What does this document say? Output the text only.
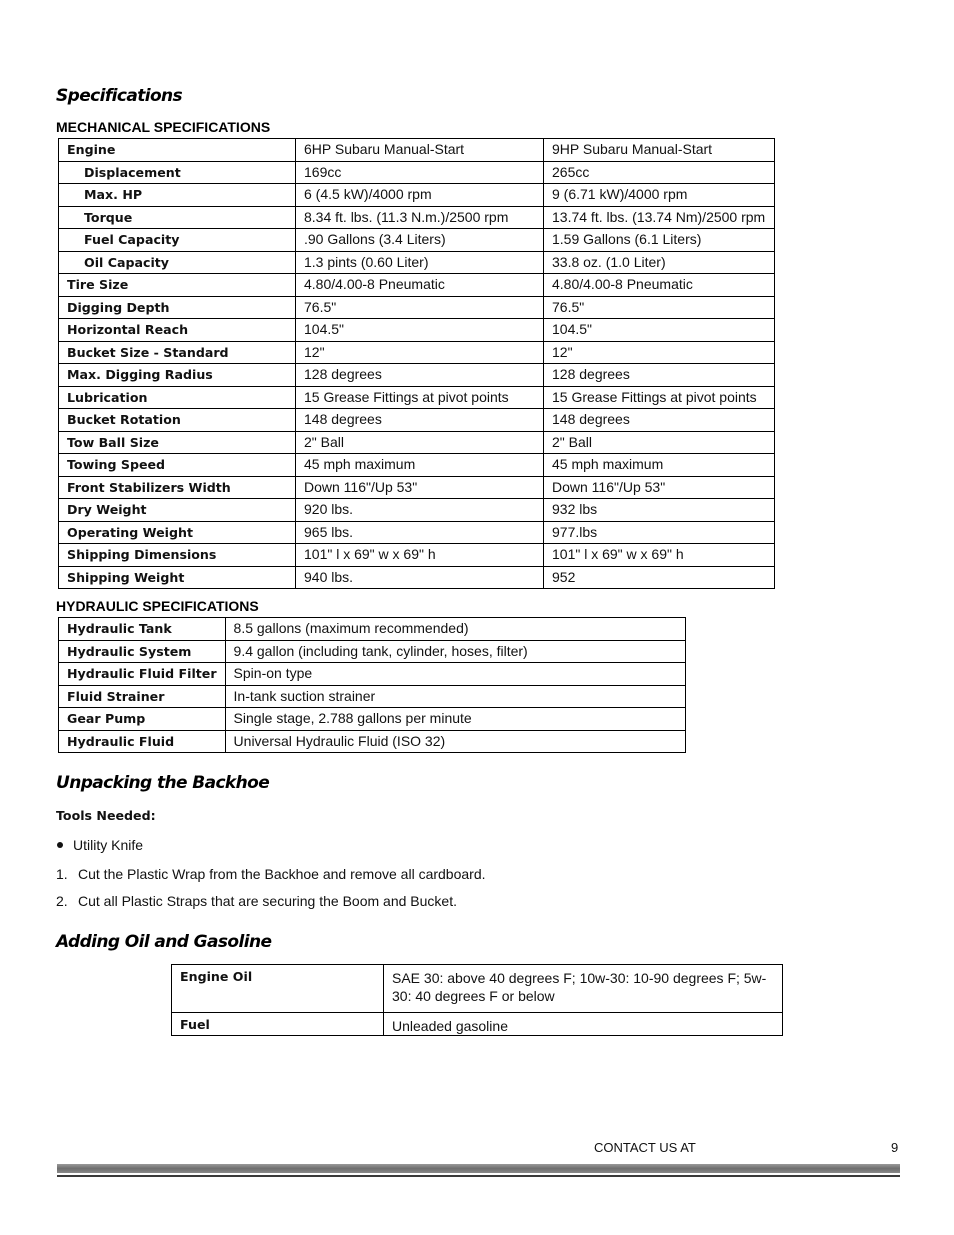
Specifications
MECHANICAL SPECIFICATIONS
Engine	6HP Subaru Manual-Start	9HP Subaru Manual-Start
Displacement	169cc	265cc
Max. HP	6 (4.5 kW)/4000 rpm	9 (6.71 kW)/4000 rpm
Torque	8.34 ft. lbs. (11.3 N.m.)/2500 rpm	13.74 ft. lbs. (13.74 Nm)/2500 rpm
Fuel Capacity	.90 Gallons (3.4 Liters)	1.59 Gallons (6.1 Liters)
Oil Capacity	1.3 pints (0.60 Liter)	33.8 oz. (1.0 Liter)
Tire Size	4.80/4.00-8 Pneumatic	4.80/4.00-8 Pneumatic
Digging Depth	76.5"	76.5"
Horizontal Reach	104.5"	104.5"
Bucket Size - Standard	12"	12"
Max. Digging Radius	128 degrees	128 degrees
Lubrication	15 Grease Fittings at pivot points	15 Grease Fittings at pivot points
Bucket Rotation	148 degrees	148 degrees
Tow Ball Size	2" Ball	2" Ball
Towing Speed	45 mph maximum	45 mph maximum
Front Stabilizers Width	Down 116"/Up 53"	Down 116"/Up 53"
Dry Weight	920 lbs.	932 lbs
Operating Weight	965 lbs.	977.lbs
Shipping Dimensions	101" l x 69" w x 69" h	101" l x 69" w x 69" h
Shipping Weight	940 lbs.	952
HYDRAULIC SPECIFICATIONS
Hydraulic Tank	8.5 gallons (maximum recommended)
Hydraulic System	9.4 gallon (including tank, cylinder, hoses, filter)
Hydraulic Fluid Filter	Spin-on type
Fluid Strainer	In-tank suction strainer
Gear Pump	Single stage, 2.788 gallons per minute
Hydraulic Fluid	Universal Hydraulic Fluid (ISO 32)
Unpacking the Backhoe
Tools Needed:
Utility Knife
1. Cut the Plastic Wrap from the Backhoe and remove all cardboard.
2. Cut all Plastic Straps that are securing the Boom and Bucket.
Adding Oil and Gasoline
Engine Oil	SAE 30: above 40 degrees F; 10w-30: 10-90 degrees F; 5w-30: 40 degrees F or below
Fuel	Unleaded gasoline
CONTACT US AT	9
